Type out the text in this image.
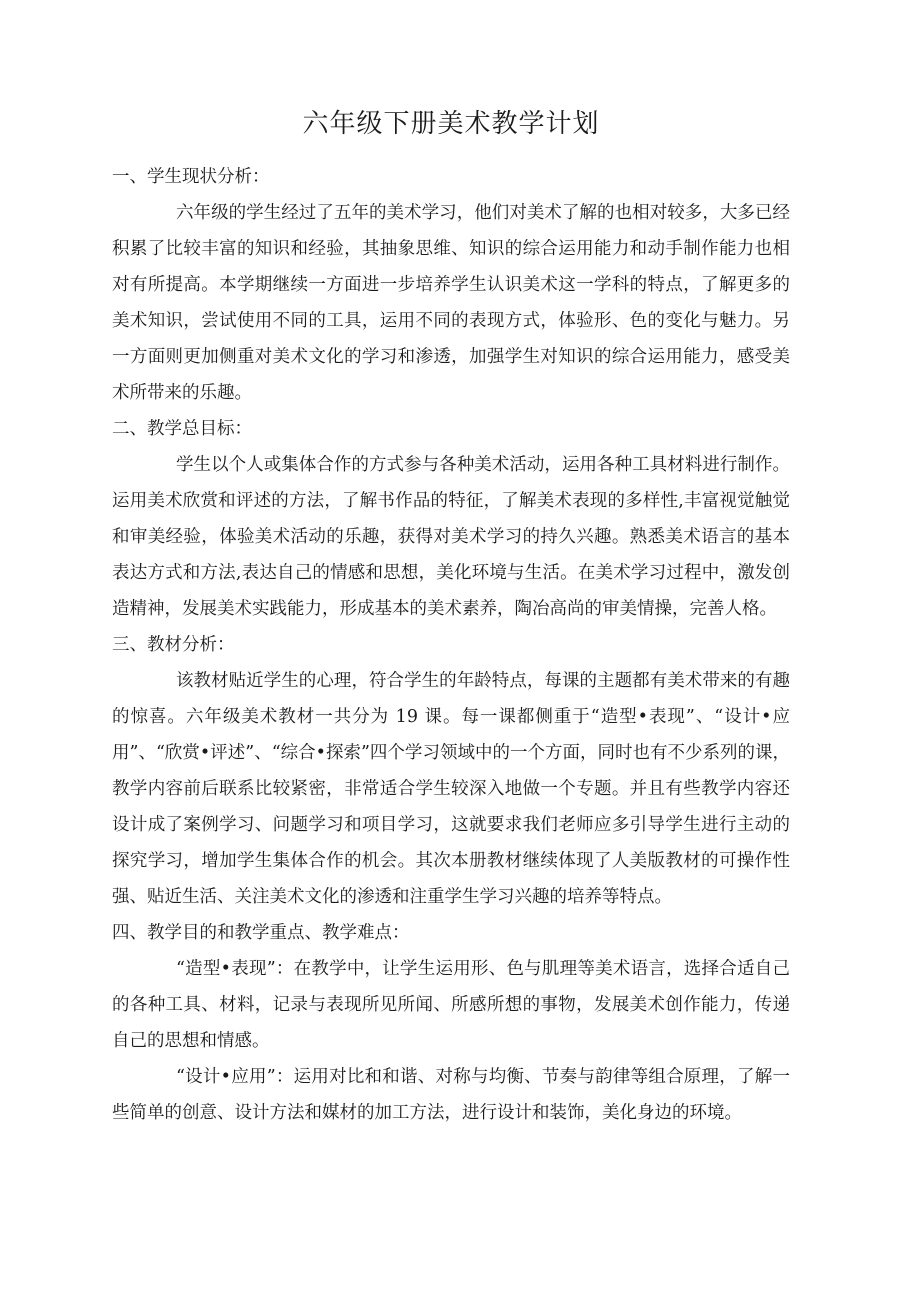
六年级下册美术教学计划

一、学生现状分析：

六年级的学生经过了五年的美术学习，他们对美术了解的也相对较多，大多已经积累了比较丰富的知识和经验，其抽象思维、知识的综合运用能力和动手制作能力也相对有所提高。本学期继续一方面进一步培养学生认识美术这一学科的特点，了解更多的美术知识，尝试使用不同的工具，运用不同的表现方式，体验形、色的变化与魅力。另一方面则更加侧重对美术文化的学习和渗透，加强学生对知识的综合运用能力，感受美术所带来的乐趣。

二、教学总目标：

学生以个人或集体合作的方式参与各种美术活动，运用各种工具材料进行制作。运用美术欣赏和评述的方法，了解书作品的特征，了解美术表现的多样性,丰富视觉触觉和审美经验，体验美术活动的乐趣，获得对美术学习的持久兴趣。熟悉美术语言的基本表达方式和方法,表达自己的情感和思想，美化环境与生活。在美术学习过程中，激发创造精神，发展美术实践能力，形成基本的美术素养，陶冶高尚的审美情操，完善人格。

三、教材分析：

该教材贴近学生的心理，符合学生的年龄特点，每课的主题都有美术带来的有趣的惊喜。六年级美术教材一共分为 19 课。每一课都侧重于“造型•表现”、“设计•应用”、“欣赏•评述”、“综合•探索”四个学习领域中的一个方面，同时也有不少系列的课，教学内容前后联系比较紧密，非常适合学生较深入地做一个专题。并且有些教学内容还设计成了案例学习、问题学习和项目学习，这就要求我们老师应多引导学生进行主动的探究学习，增加学生集体合作的机会。其次本册教材继续体现了人美版教材的可操作性强、贴近生活、关注美术文化的渗透和注重学生学习兴趣的培养等特点。

四、教学目的和教学重点、教学难点：

“造型•表现”：在教学中，让学生运用形、色与肌理等美术语言，选择合适自己的各种工具、材料，记录与表现所见所闻、所感所想的事物，发展美术创作能力，传递自己的思想和情感。

“设计•应用”：运用对比和和谐、对称与均衡、节奏与韵律等组合原理，了解一些简单的创意、设计方法和媒材的加工方法，进行设计和装饰，美化身边的环境。
